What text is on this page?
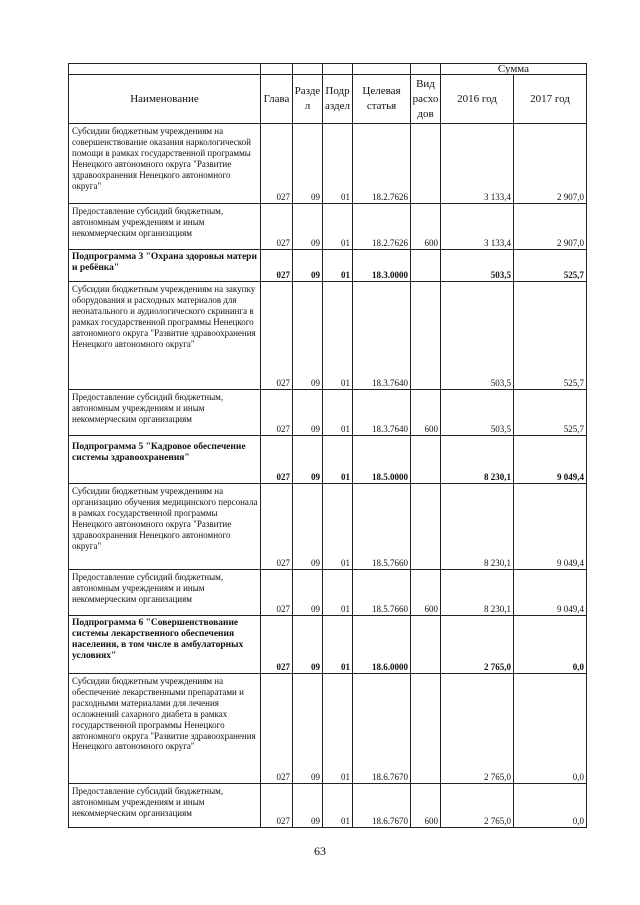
						Сумма	
Наименование	Глава	Разде л	Подр аздел	Целевая статья	Вид расхо дов	2016 год	2017 год
Субсидии бюджетным учреждениям на совершенствование оказания наркологической помощи в рамках государственной программы Ненецкого автономного округа "Развитие здравоохранения Ненецкого автономного округа"	027	09	01	18.2.7626		3 133,4	2 907,0
Предоставление субсидий бюджетным, автономным учреждениям и иным некоммерческим организациям	027	09	01	18.2.7626	600	3 133,4	2 907,0
Подпрограмма 3 "Охрана здоровья матери и ребёнка"	027	09	01	18.3.0000		503,5	525,7
Субсидии бюджетным учреждениям на закупку оборудования и расходных материалов для неонатального и аудиологического скрининга в рамках государственной программы Ненецкого автономного округа "Развитие здравоохранения Ненецкого автономного округа"	027	09	01	18.3.7640		503,5	525,7
Предоставление субсидий бюджетным, автономным учреждениям и иным некоммерческим организациям	027	09	01	18.3.7640	600	503,5	525,7
Подпрограмма 5 "Кадровое обеспечение системы здравоохранения"	027	09	01	18.5.0000		8 230,1	9 049,4
Субсидии бюджетным учреждениям на организацию обучения медицинского персонала в рамках государственной программы Ненецкого автономного округа "Развитие здравоохранения Ненецкого автономного округа"	027	09	01	18.5.7660		8 230,1	9 049,4
Предоставление субсидий бюджетным, автономным учреждениям и иным некоммерческим организациям	027	09	01	18.5.7660	600	8 230,1	9 049,4
Подпрограмма 6 "Совершенствование системы лекарственного обеспечения населения, в том числе в амбулаторных условиях"	027	09	01	18.6.0000		2 765,0	0,0
Субсидии бюджетным учреждениям на обеспечение лекарственными препаратами и расходными материалами для лечения осложнений сахарного диабета в рамках государственной программы Ненецкого автономного округа "Развитие здравоохранения Ненецкого автономного округа"	027	09	01	18.6.7670		2 765,0	0,0
Предоставление субсидий бюджетным, автономным учреждениям и иным некоммерческим организациям	027	09	01	18.6.7670	600	2 765,0	0,0
63
